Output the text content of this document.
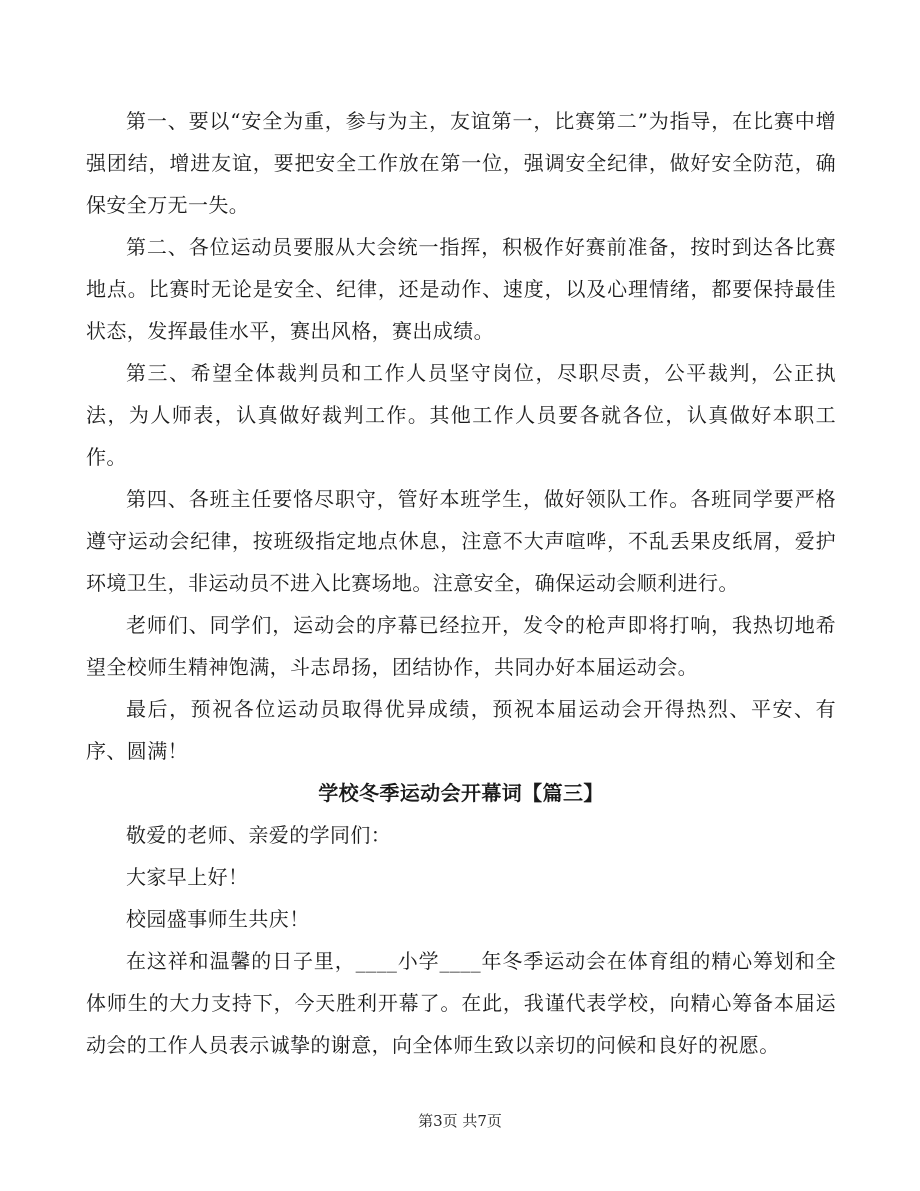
第一、要以“安全为重，参与为主，友谊第一，比赛第二”为指导，在比赛中增强团结，增进友谊，要把安全工作放在第一位，强调安全纪律，做好安全防范，确保安全万无一失。

第二、各位运动员要服从大会统一指挥，积极作好赛前准备，按时到达各比赛地点。比赛时无论是安全、纪律，还是动作、速度，以及心理情绪，都要保持最佳状态，发挥最佳水平，赛出风格，赛出成绩。

第三、希望全体裁判员和工作人员坚守岗位，尽职尽责，公平裁判，公正执法，为人师表，认真做好裁判工作。其他工作人员要各就各位，认真做好本职工作。

第四、各班主任要恪尽职守，管好本班学生，做好领队工作。各班同学要严格遵守运动会纪律，按班级指定地点休息，注意不大声喧哗，不乱丢果皮纸屑，爱护环境卫生，非运动员不进入比赛场地。注意安全，确保运动会顺利进行。

老师们、同学们，运动会的序幕已经拉开，发令的枪声即将打响，我热切地希望全校师生精神饱满，斗志昂扬，团结协作，共同办好本届运动会。

最后，预祝各位运动员取得优异成绩，预祝本届运动会开得热烈、平安、有序、圆满！

学校冬季运动会开幕词【篇三】

敬爱的老师、亲爱的学同们：

大家早上好！

校园盛事师生共庆！

在这祥和温馨的日子里，____小学____年冬季运动会在体育组的精心筹划和全体师生的大力支持下，今天胜利开幕了。在此，我谨代表学校，向精心筹备本届运动会的工作人员表示诚挚的谢意，向全体师生致以亲切的问候和良好的祝愿。

第3页 共7页
